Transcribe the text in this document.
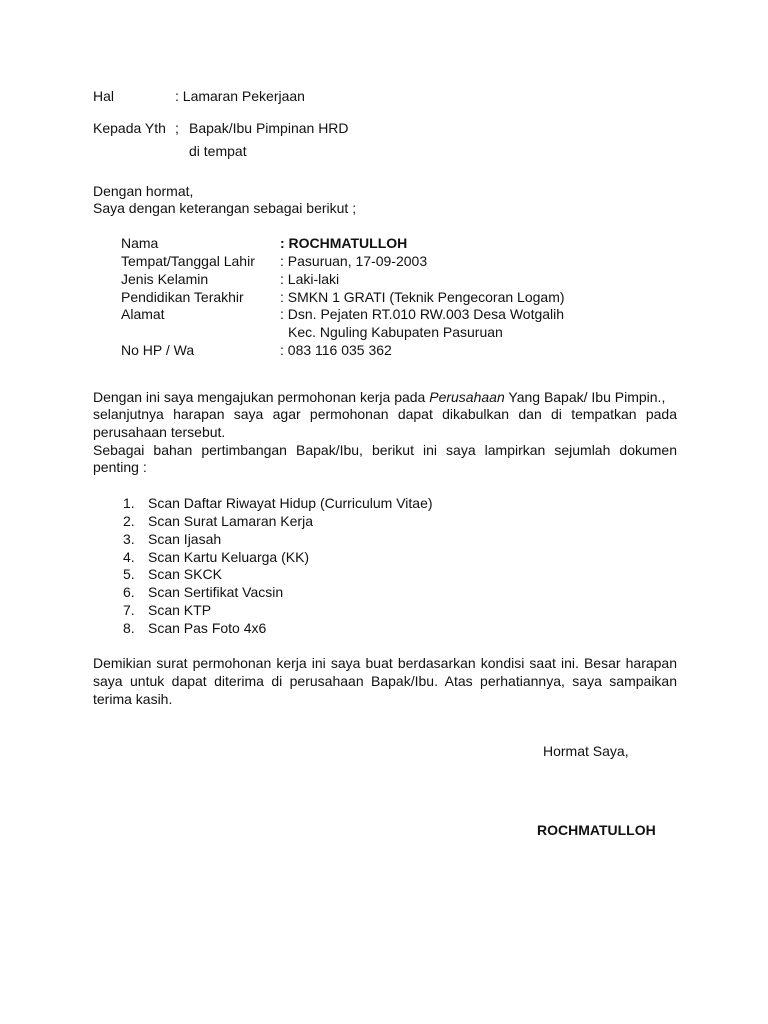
Hal	: Lamaran Pekerjaan
Kepada Yth ; Bapak/Ibu Pimpinan HRD
di tempat
Dengan hormat,
Saya dengan keterangan sebagai berikut ;
Nama	: ROCHMATULLOH
Tempat/Tanggal Lahir : Pasuruan, 17-09-2003
Jenis Kelamin	: Laki-laki
Pendidikan Terakhir	: SMKN 1 GRATI (Teknik Pengecoran Logam)
Alamat	: Dsn. Pejaten RT.010 RW.003 Desa Wotgalih
Kec. Nguling Kabupaten Pasuruan
No HP / Wa	: 083 116 035 362
Dengan ini saya mengajukan permohonan kerja pada Perusahaan Yang Bapak/ Ibu Pimpin.,
selanjutnya harapan saya agar permohonan dapat dikabulkan dan di tempatkan pada
perusahaan tersebut.
Sebagai bahan pertimbangan Bapak/Ibu, berikut ini saya lampirkan sejumlah dokumen
penting :
1. Scan Daftar Riwayat Hidup (Curriculum Vitae)
2. Scan Surat Lamaran Kerja
3. Scan Ijasah
4. Scan Kartu Keluarga (KK)
5. Scan SKCK
6. Scan Sertifikat Vacsin
7. Scan KTP
8. Scan Pas Foto 4x6
Demikian surat permohonan kerja ini saya buat berdasarkan kondisi saat ini. Besar harapan
saya untuk dapat diterima di perusahaan Bapak/Ibu. Atas perhatiannya, saya sampaikan
terima kasih.
Hormat Saya,
ROCHMATULLOH
